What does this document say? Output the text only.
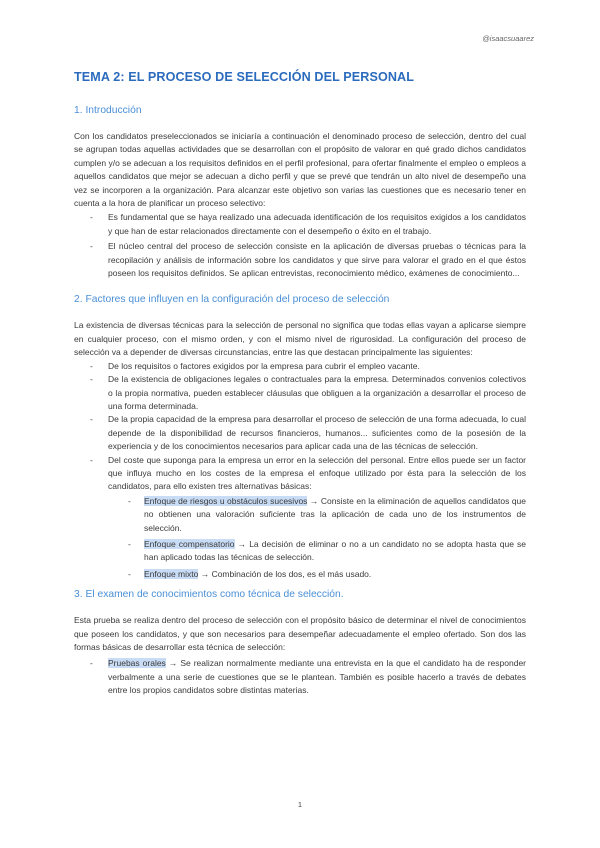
@isaacsuaarez
TEMA 2: EL PROCESO DE SELECCIÓN DEL PERSONAL
1. Introducción

Con los candidatos preseleccionados se iniciaría a continuación el denominado proceso de selección, dentro del cual se agrupan todas aquellas actividades que se desarrollan con el propósito de valorar en qué grado dichos candidatos cumplen y/o se adecuan a los requisitos definidos en el perfil profesional, para ofertar finalmente el empleo o empleos a aquellos candidatos que mejor se adecuan a dicho perfil y que se prevé que tendrán un alto nivel de desempeño una vez se incorporen a la organización. Para alcanzar este objetivo son varias las cuestiones que es necesario tener en cuenta a la hora de planificar un proceso selectivo:

- Es fundamental que se haya realizado una adecuada identificación de los requisitos exigidos a los candidatos y que han de estar relacionados directamente con el desempeño o éxito en el trabajo.
- El núcleo central del proceso de selección consiste en la aplicación de diversas pruebas o técnicas para la recopilación y análisis de información sobre los candidatos y que sirve para valorar el grado en el que éstos poseen los requisitos definidos. Se aplican entrevistas, reconocimiento médico, exámenes de conocimiento...
2. Factores que influyen en la configuración del proceso de selección

La existencia de diversas técnicas para la selección de personal no significa que todas ellas vayan a aplicarse siempre en cualquier proceso, con el mismo orden, y con el mismo nivel de rigurosidad. La configuración del proceso de selección va a depender de diversas circunstancias, entre las que destacan principalmente las siguientes:

- De los requisitos o factores exigidos por la empresa para cubrir el empleo vacante.
- De la existencia de obligaciones legales o contractuales para la empresa. Determinados convenios colectivos o la propia normativa, pueden establecer cláusulas que obliguen a la organización a desarrollar el proceso de una forma determinada.
- De la propia capacidad de la empresa para desarrollar el proceso de selección de una forma adecuada, lo cual depende de la disponibilidad de recursos financieros, humanos... suficientes como de la posesión de la experiencia y de los conocimientos necesarios para aplicar cada una de las técnicas de selección.
- Del coste que suponga para la empresa un error en la selección del personal. Entre ellos puede ser un factor que influya mucho en los costes de la empresa el enfoque utilizado por ésta para la selección de los candidatos, para ello existen tres alternativas básicas:
- Enfoque de riesgos u obstáculos sucesivos → Consiste en la eliminación de aquellos candidatos que no obtienen una valoración suficiente tras la aplicación de cada uno de los instrumentos de selección.
- Enfoque compensatorio → La decisión de eliminar o no a un candidato no se adopta hasta que se han aplicado todas las técnicas de selección.
- Enfoque mixto → Combinación de los dos, es el más usado.
3. El examen de conocimientos como técnica de selección.

Esta prueba se realiza dentro del proceso de selección con el propósito básico de determinar el nivel de conocimientos que poseen los candidatos, y que son necesarios para desempeñar adecuadamente el empleo ofertado. Son dos las formas básicas de desarrollar esta técnica de selección:

- Pruebas orales → Se realizan normalmente mediante una entrevista en la que el candidato ha de responder verbalmente a una serie de cuestiones que se le plantean. También es posible hacerlo a través de debates entre los propios candidatos sobre distintas materias.
1
